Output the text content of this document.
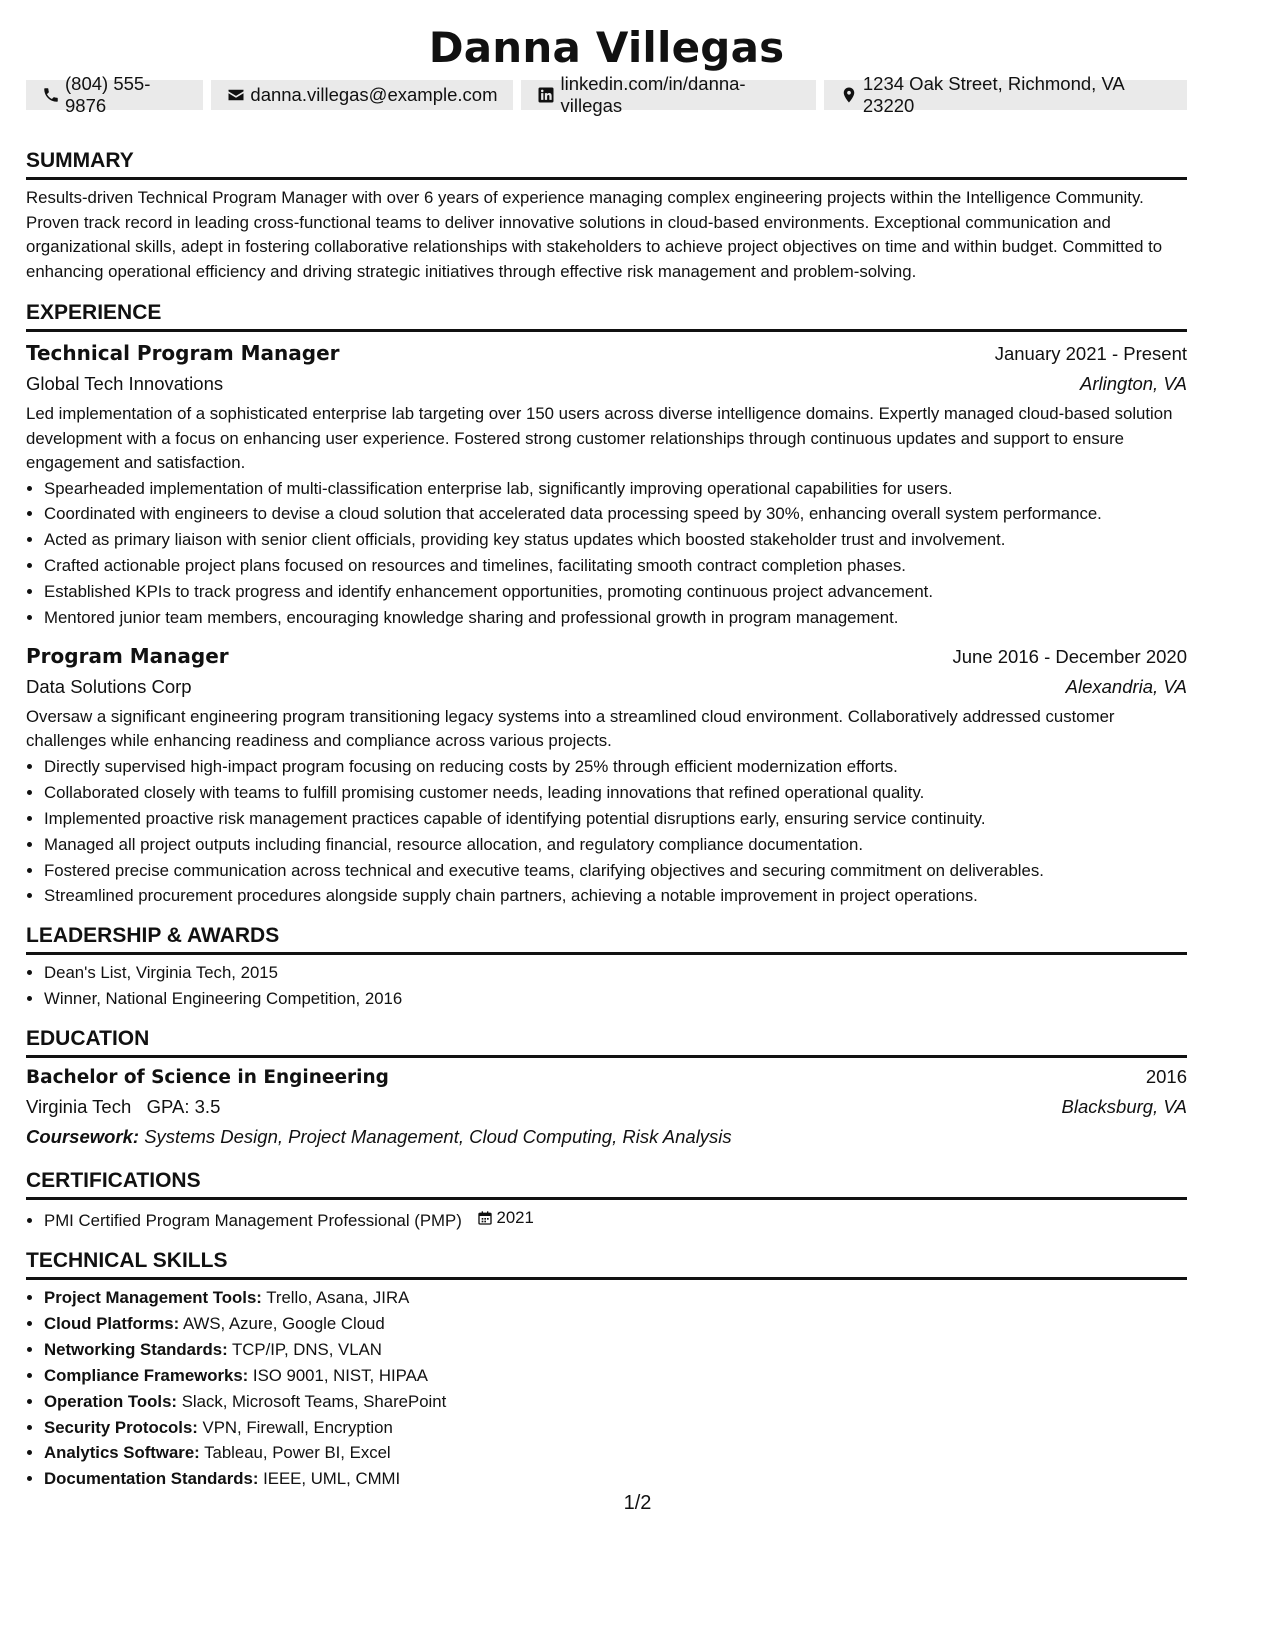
Danna Villegas
(804) 555-9876
danna.villegas@example.com
linkedin.com/in/danna-villegas
1234 Oak Street, Richmond, VA 23220
SUMMARY

Results-driven Technical Program Manager with over 6 years of experience managing complex engineering projects within the Intelligence Community. Proven track record in leading cross-functional teams to deliver innovative solutions in cloud-based environments. Exceptional communication and organizational skills, adept in fostering collaborative relationships with stakeholders to achieve project objectives on time and within budget. Committed to enhancing operational efficiency and driving strategic initiatives through effective risk management and problem-solving.

EXPERIENCE
Technical Program Manager	January 2021 - Present
Global Tech Innovations	Arlington, VA

Led implementation of a sophisticated enterprise lab targeting over 150 users across diverse intelligence domains. Expertly managed cloud-based solution development with a focus on enhancing user experience. Fostered strong customer relationships through continuous updates and support to ensure engagement and satisfaction.

• Spearheaded implementation of multi-classification enterprise lab, significantly improving operational capabilities for users.
• Coordinated with engineers to devise a cloud solution that accelerated data processing speed by 30%, enhancing overall system performance.
• Acted as primary liaison with senior client officials, providing key status updates which boosted stakeholder trust and involvement.
• Crafted actionable project plans focused on resources and timelines, facilitating smooth contract completion phases.
• Established KPIs to track progress and identify enhancement opportunities, promoting continuous project advancement.
• Mentored junior team members, encouraging knowledge sharing and professional growth in program management.
Program Manager	June 2016 - December 2020
Data Solutions Corp	Alexandria, VA

Oversaw a significant engineering program transitioning legacy systems into a streamlined cloud environment. Collaboratively addressed customer challenges while enhancing readiness and compliance across various projects.

• Directly supervised high-impact program focusing on reducing costs by 25% through efficient modernization efforts.
• Collaborated closely with teams to fulfill promising customer needs, leading innovations that refined operational quality.
• Implemented proactive risk management practices capable of identifying potential disruptions early, ensuring service continuity.
• Managed all project outputs including financial, resource allocation, and regulatory compliance documentation.
• Fostered precise communication across technical and executive teams, clarifying objectives and securing commitment on deliverables.
• Streamlined procurement procedures alongside supply chain partners, achieving a notable improvement in project operations.
LEADERSHIP & AWARDS
• Dean's List, Virginia Tech, 2015
• Winner, National Engineering Competition, 2016
EDUCATION
Bachelor of Science in Engineering	2016
Virginia Tech GPA: 3.5	Blacksburg, VA
Coursework: Systems Design, Project Management, Cloud Computing, Risk Analysis
CERTIFICATIONS
• PMI Certified Program Management Professional (PMP) 2021
TECHNICAL SKILLS
• Project Management Tools: Trello, Asana, JIRA
• Cloud Platforms: AWS, Azure, Google Cloud
• Networking Standards: TCP/IP, DNS, VLAN
• Compliance Frameworks: ISO 9001, NIST, HIPAA
• Operation Tools: Slack, Microsoft Teams, SharePoint
• Security Protocols: VPN, Firewall, Encryption
• Analytics Software: Tableau, Power BI, Excel
• Documentation Standards: IEEE, UML, CMMI
1/2
